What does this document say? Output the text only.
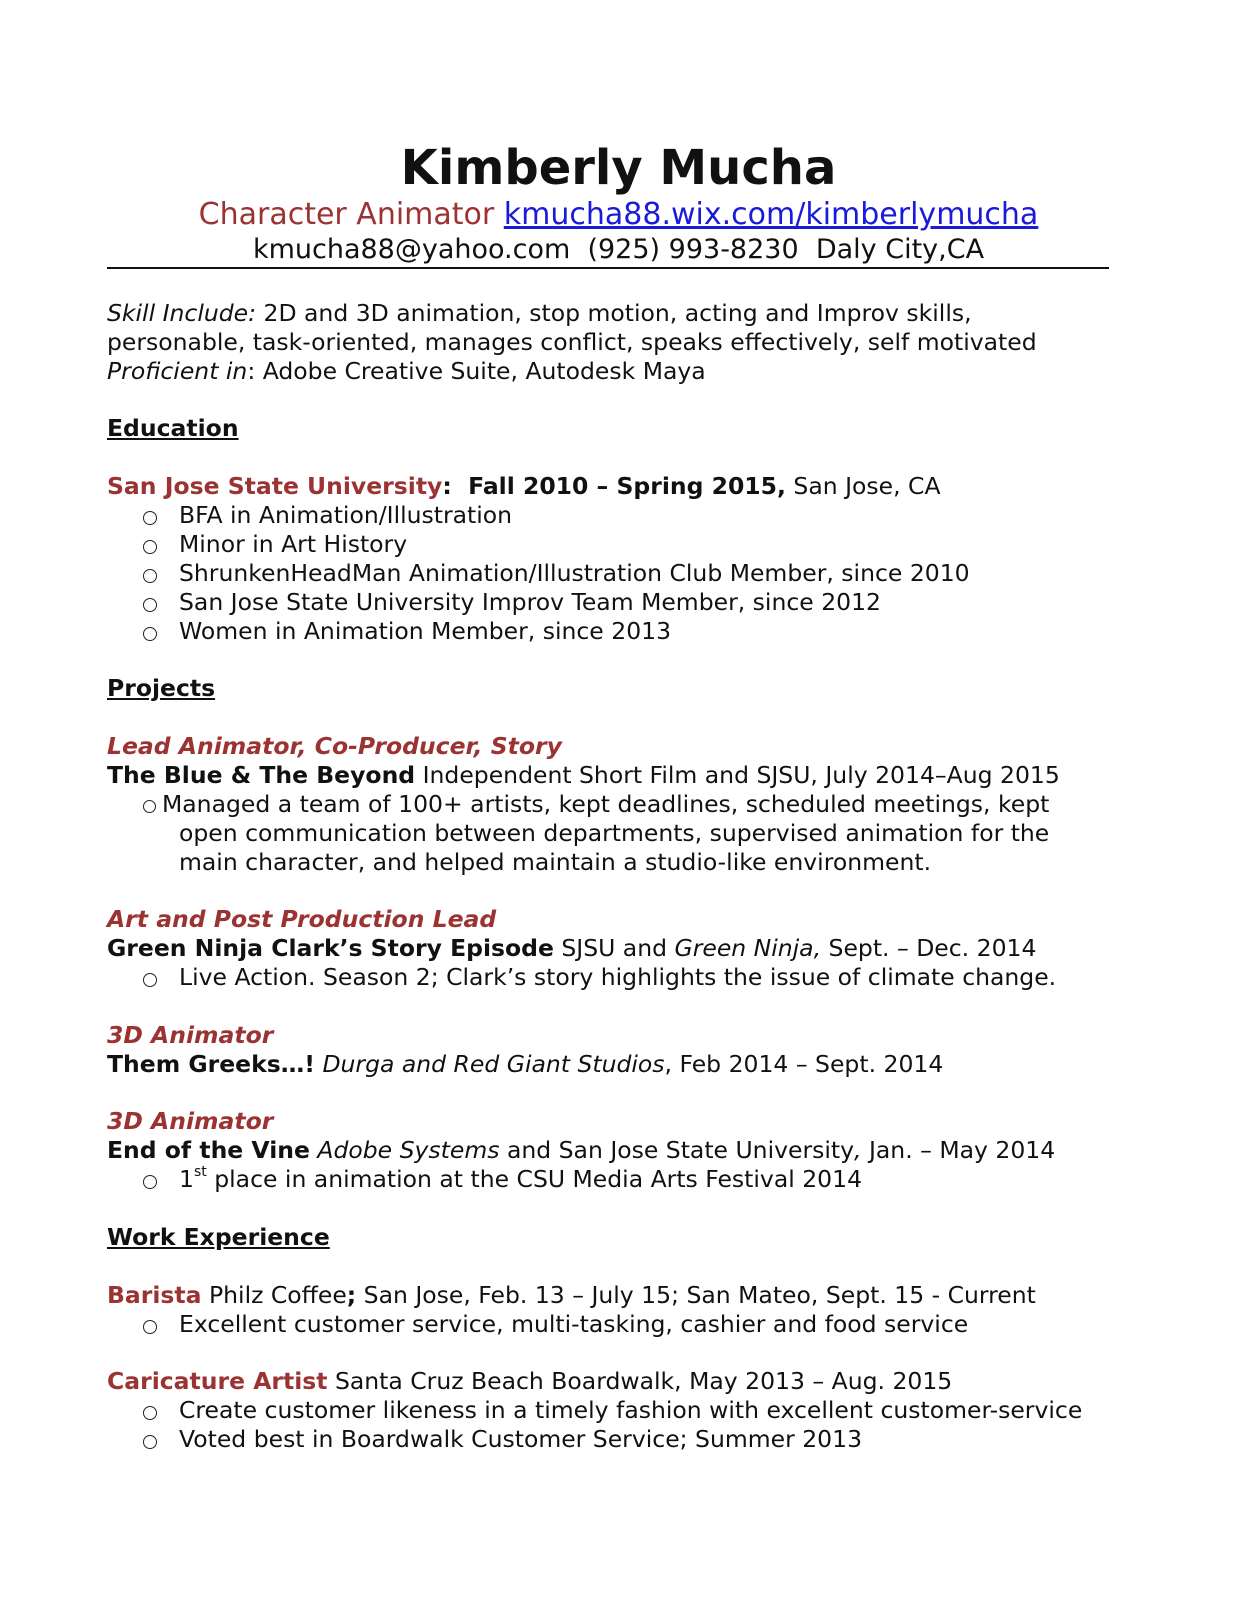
Kimberly Mucha
Character Animator kmucha88.wix.com/kimberlymucha
kmucha88@yahoo.com  (925) 993-8230  Daly City,CA
Skill Include: 2D and 3D animation, stop motion, acting and Improv skills,
personable, task-oriented, manages conflict, speaks effectively, self motivated
Proficient in: Adobe Creative Suite, Autodesk Maya
Education
San Jose State University:  Fall 2010 – Spring 2015, San Jose, CA
BFA in Animation/Illustration
Minor in Art History
ShrunkenHeadMan Animation/Illustration Club Member, since 2010
San Jose State University Improv Team Member, since 2012
Women in Animation Member, since 2013
Projects
Lead Animator, Co-Producer, Story
The Blue & The Beyond Independent Short Film and SJSU, July 2014–Aug 2015
Managed a team of 100+ artists, kept deadlines, scheduled meetings, kept
open communication between departments, supervised animation for the
main character, and helped maintain a studio-like environment.
Art and Post Production Lead
Green Ninja Clark’s Story Episode SJSU and Green Ninja, Sept. – Dec. 2014
Live Action. Season 2; Clark’s story highlights the issue of climate change.
3D Animator
Them Greeks…! Durga and Red Giant Studios, Feb 2014 – Sept. 2014
3D Animator
End of the Vine Adobe Systems and San Jose State University, Jan. – May 2014
1st place in animation at the CSU Media Arts Festival 2014
Work Experience
Barista Philz Coffee; San Jose, Feb. 13 – July 15; San Mateo, Sept. 15 - Current
Excellent customer service, multi-tasking, cashier and food service
Caricature Artist Santa Cruz Beach Boardwalk, May 2013 – Aug. 2015
Create customer likeness in a timely fashion with excellent customer-service
Voted best in Boardwalk Customer Service; Summer 2013
